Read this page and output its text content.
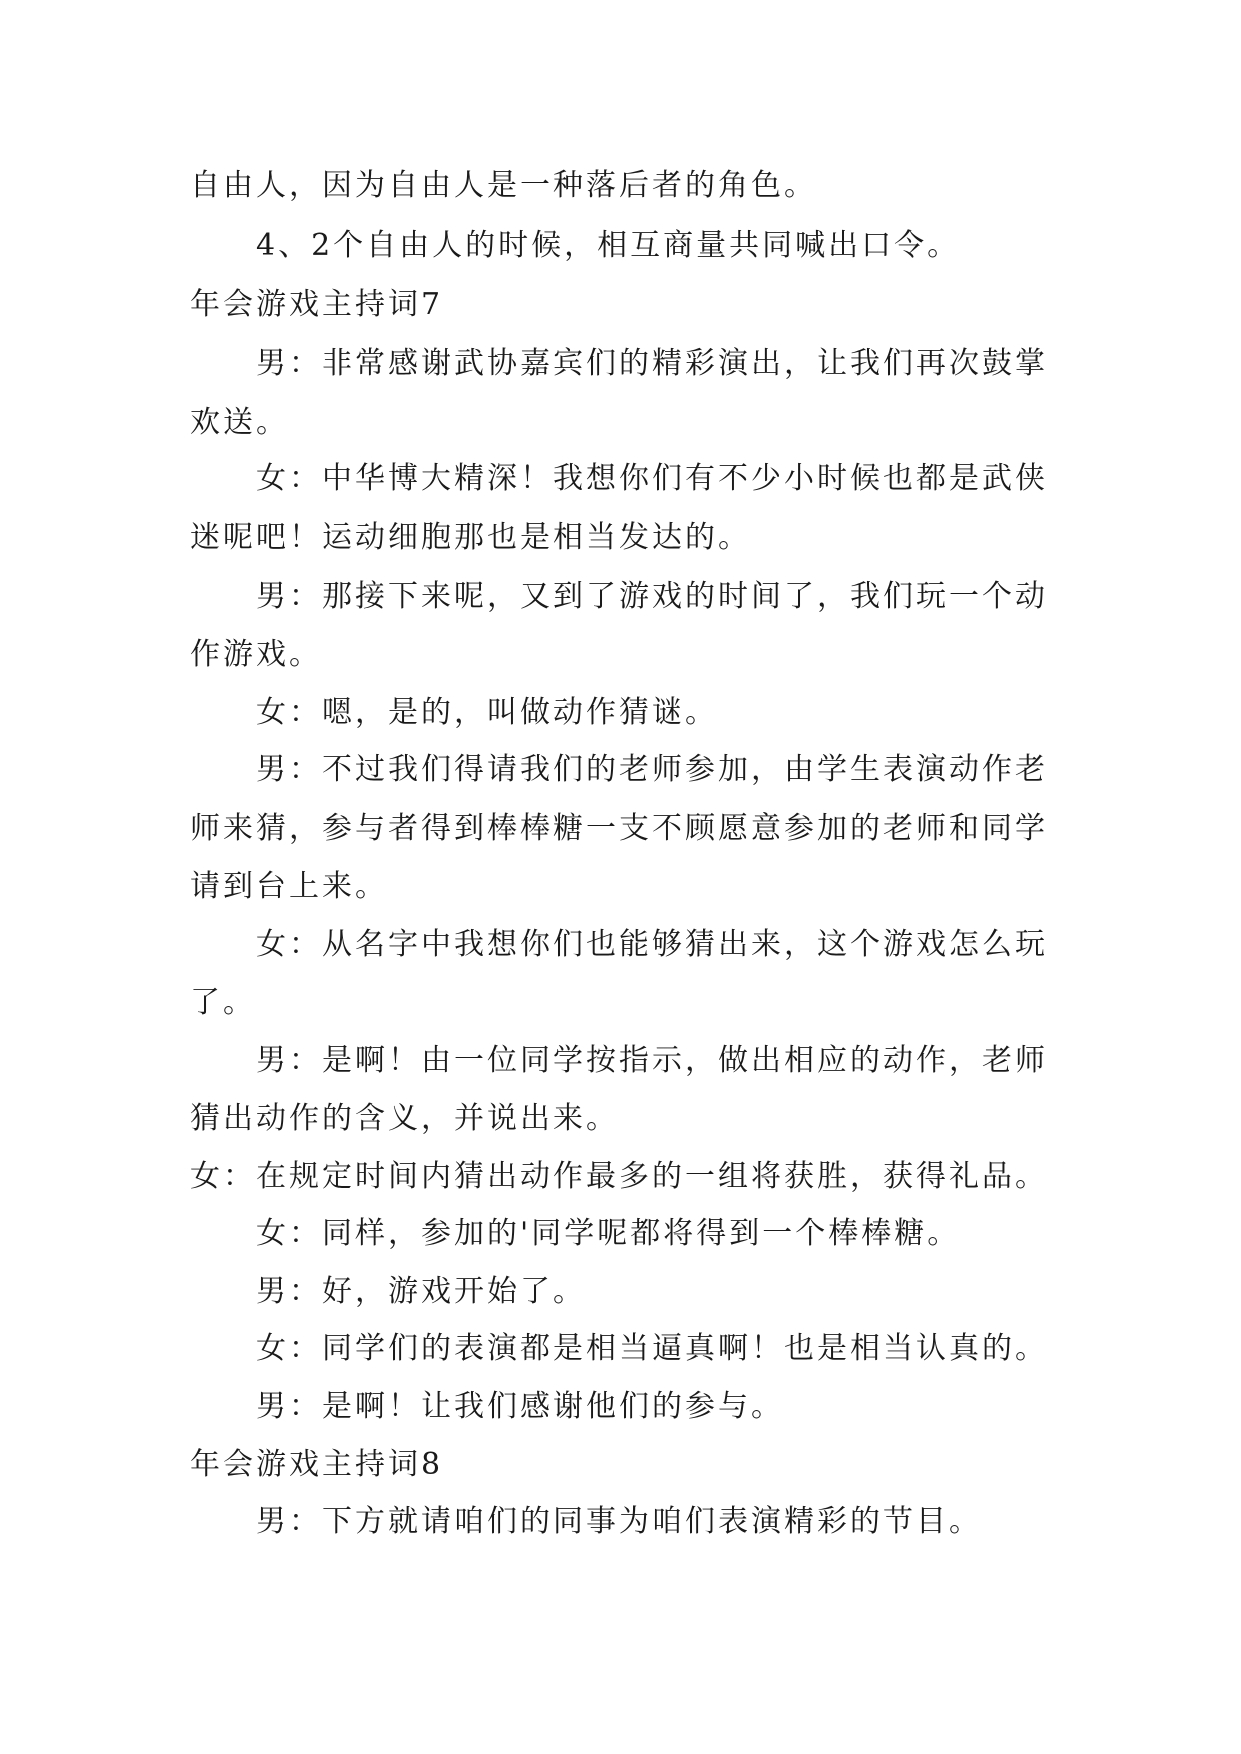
自由人，因为自由人是一种落后者的角色。

4、2个自由人的时候，相互商量共同喊出口令。

年会游戏主持词7

男：非常感谢武协嘉宾们的精彩演出，让我们再次鼓掌

欢送。

女：中华博大精深！我想你们有不少小时候也都是武侠

迷呢吧！运动细胞那也是相当发达的。

男：那接下来呢，又到了游戏的时间了，我们玩一个动

作游戏。

女：嗯，是的，叫做动作猜谜。

男：不过我们得请我们的老师参加，由学生表演动作老

师来猜，参与者得到棒棒糖一支不顾愿意参加的老师和同学

请到台上来。

女：从名字中我想你们也能够猜出来，这个游戏怎么玩

了。

男：是啊！由一位同学按指示，做出相应的动作，老师

猜出动作的含义，并说出来。

女：在规定时间内猜出动作最多的一组将获胜，获得礼品。

女：同样，参加的'同学呢都将得到一个棒棒糖。

男：好，游戏开始了。

女：同学们的表演都是相当逼真啊！也是相当认真的。

男：是啊！让我们感谢他们的参与。

年会游戏主持词8

男：下方就请咱们的同事为咱们表演精彩的节目。
